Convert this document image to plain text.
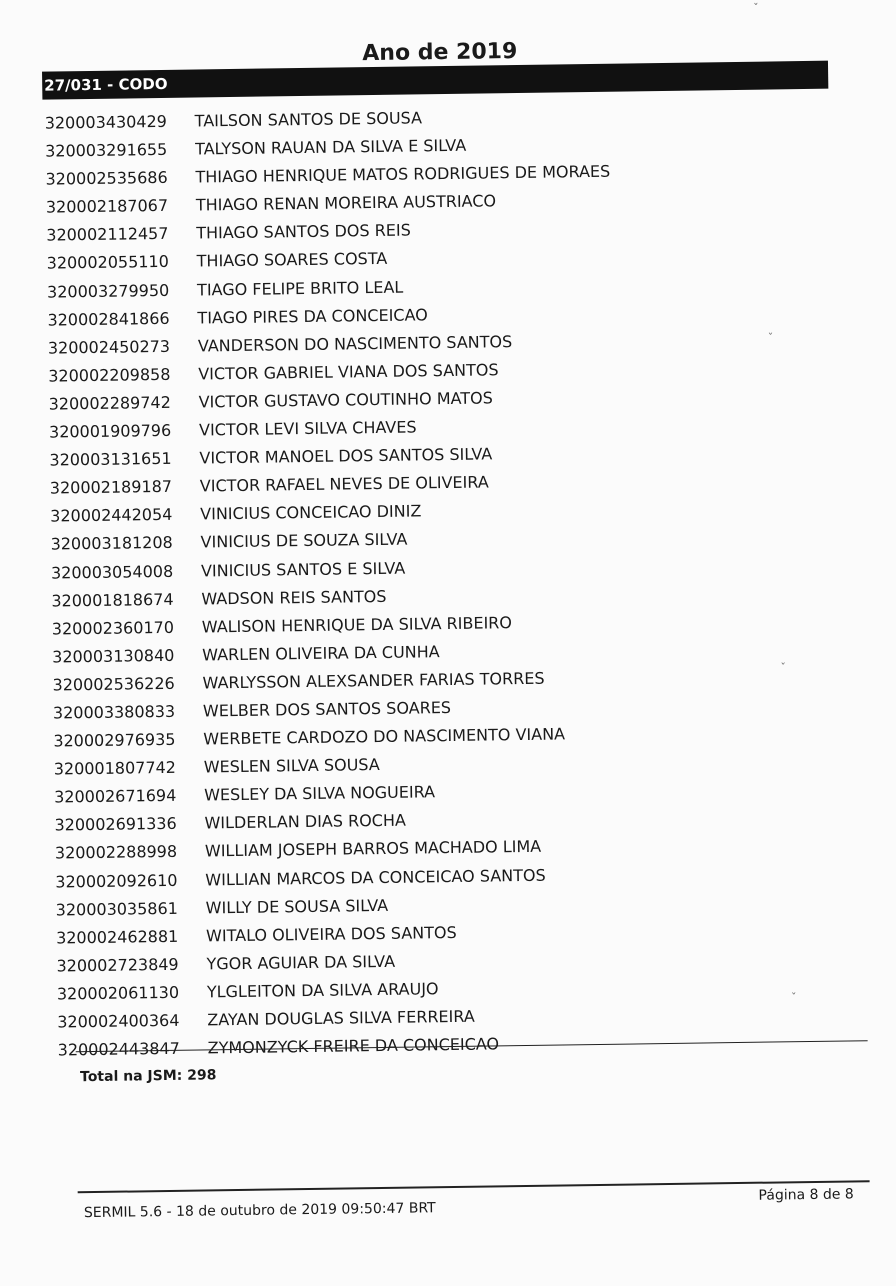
Ano de 2019
27/031 - CODO
320003430429 TAILSON SANTOS DE SOUSA
320003291655 TALYSON RAUAN DA SILVA E SILVA
320002535686 THIAGO HENRIQUE MATOS RODRIGUES DE MORAES
320002187067 THIAGO RENAN MOREIRA AUSTRIACO
320002112457 THIAGO SANTOS DOS REIS
320002055110 THIAGO SOARES COSTA
320003279950 TIAGO FELIPE BRITO LEAL
320002841866 TIAGO PIRES DA CONCEICAO
320002450273 VANDERSON DO NASCIMENTO SANTOS
320002209858 VICTOR GABRIEL VIANA DOS SANTOS
320002289742 VICTOR GUSTAVO COUTINHO MATOS
320001909796 VICTOR LEVI SILVA CHAVES
320003131651 VICTOR MANOEL DOS SANTOS SILVA
320002189187 VICTOR RAFAEL NEVES DE OLIVEIRA
320002442054 VINICIUS CONCEICAO DINIZ
320003181208 VINICIUS DE SOUZA SILVA
320003054008 VINICIUS SANTOS E SILVA
320001818674 WADSON REIS SANTOS
320002360170 WALISON HENRIQUE DA SILVA RIBEIRO
320003130840 WARLEN OLIVEIRA DA CUNHA
320002536226 WARLYSSON ALEXSANDER FARIAS TORRES
320003380833 WELBER DOS SANTOS SOARES
320002976935 WERBETE CARDOZO DO NASCIMENTO VIANA
320001807742 WESLEN SILVA SOUSA
320002671694 WESLEY DA SILVA NOGUEIRA
320002691336 WILDERLAN DIAS ROCHA
320002288998 WILLIAM JOSEPH BARROS MACHADO LIMA
320002092610 WILLIAN MARCOS DA CONCEICAO SANTOS
320003035861 WILLY DE SOUSA SILVA
320002462881 WITALO OLIVEIRA DOS SANTOS
320002723849 YGOR AGUIAR DA SILVA
320002061130 YLGLEITON DA SILVA ARAUJO
320002400364 ZAYAN DOUGLAS SILVA FERREIRA
320002443847 ZYMONZYCK FREIRE DA CONCEICAO
Total na JSM: 298
SERMIL 5.6 - 18 de outubro de 2019 09:50:47 BRT
Página 8 de 8
ˇ
ˇ
ˇ
ˇ
